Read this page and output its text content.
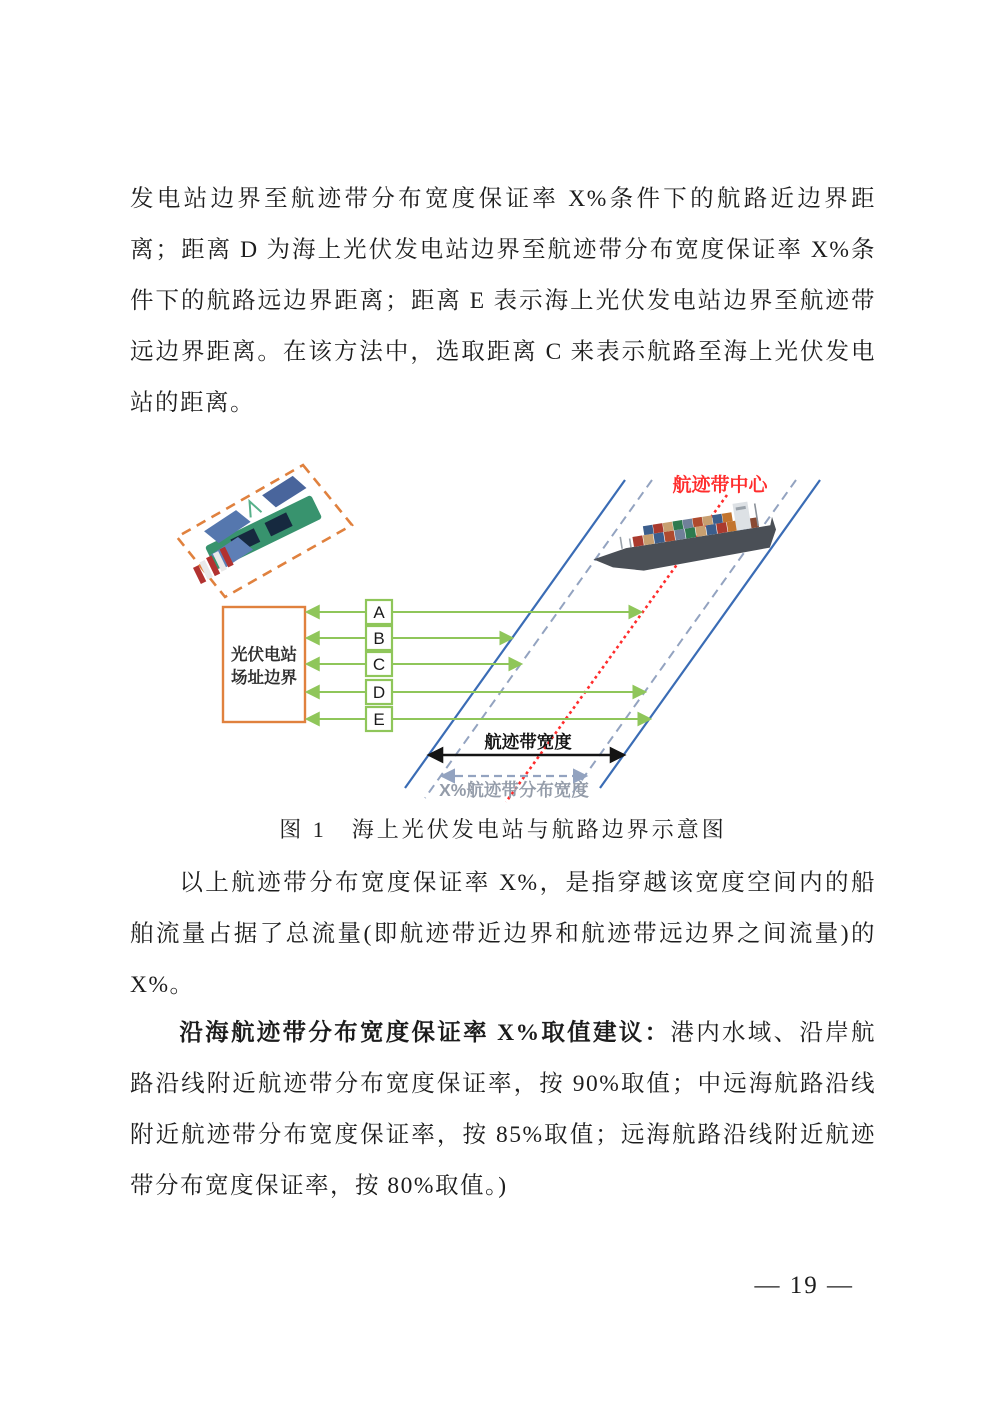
发电站边界至航迹带分布宽度保证率 X%条件下的航路近边界距离；距离 D 为海上光伏发电站边界至航迹带分布宽度保证率 X%条件下的航路远边界距离；距离 E 表示海上光伏发电站边界至航迹带远边界距离。在该方法中，选取距离 C 来表示航路至海上光伏发电站的距离。

航迹带中心
光伏电站
场址边界
A
B
C
D
E
航迹带宽度
X%航迹带分布宽度
图 1　海上光伏发电站与航路边界示意图

以上航迹带分布宽度保证率 X%，是指穿越该宽度空间内的船舶流量占据了总流量(即航迹带近边界和航迹带远边界之间流量)的 X%。

沿海航迹带分布宽度保证率 X%取值建议：港内水域、沿岸航路沿线附近航迹带分布宽度保证率，按 90%取值；中远海航路沿线附近航迹带分布宽度保证率，按 85%取值；远海航路沿线附近航迹带分布宽度保证率，按 80%取值。)

— 19 —
